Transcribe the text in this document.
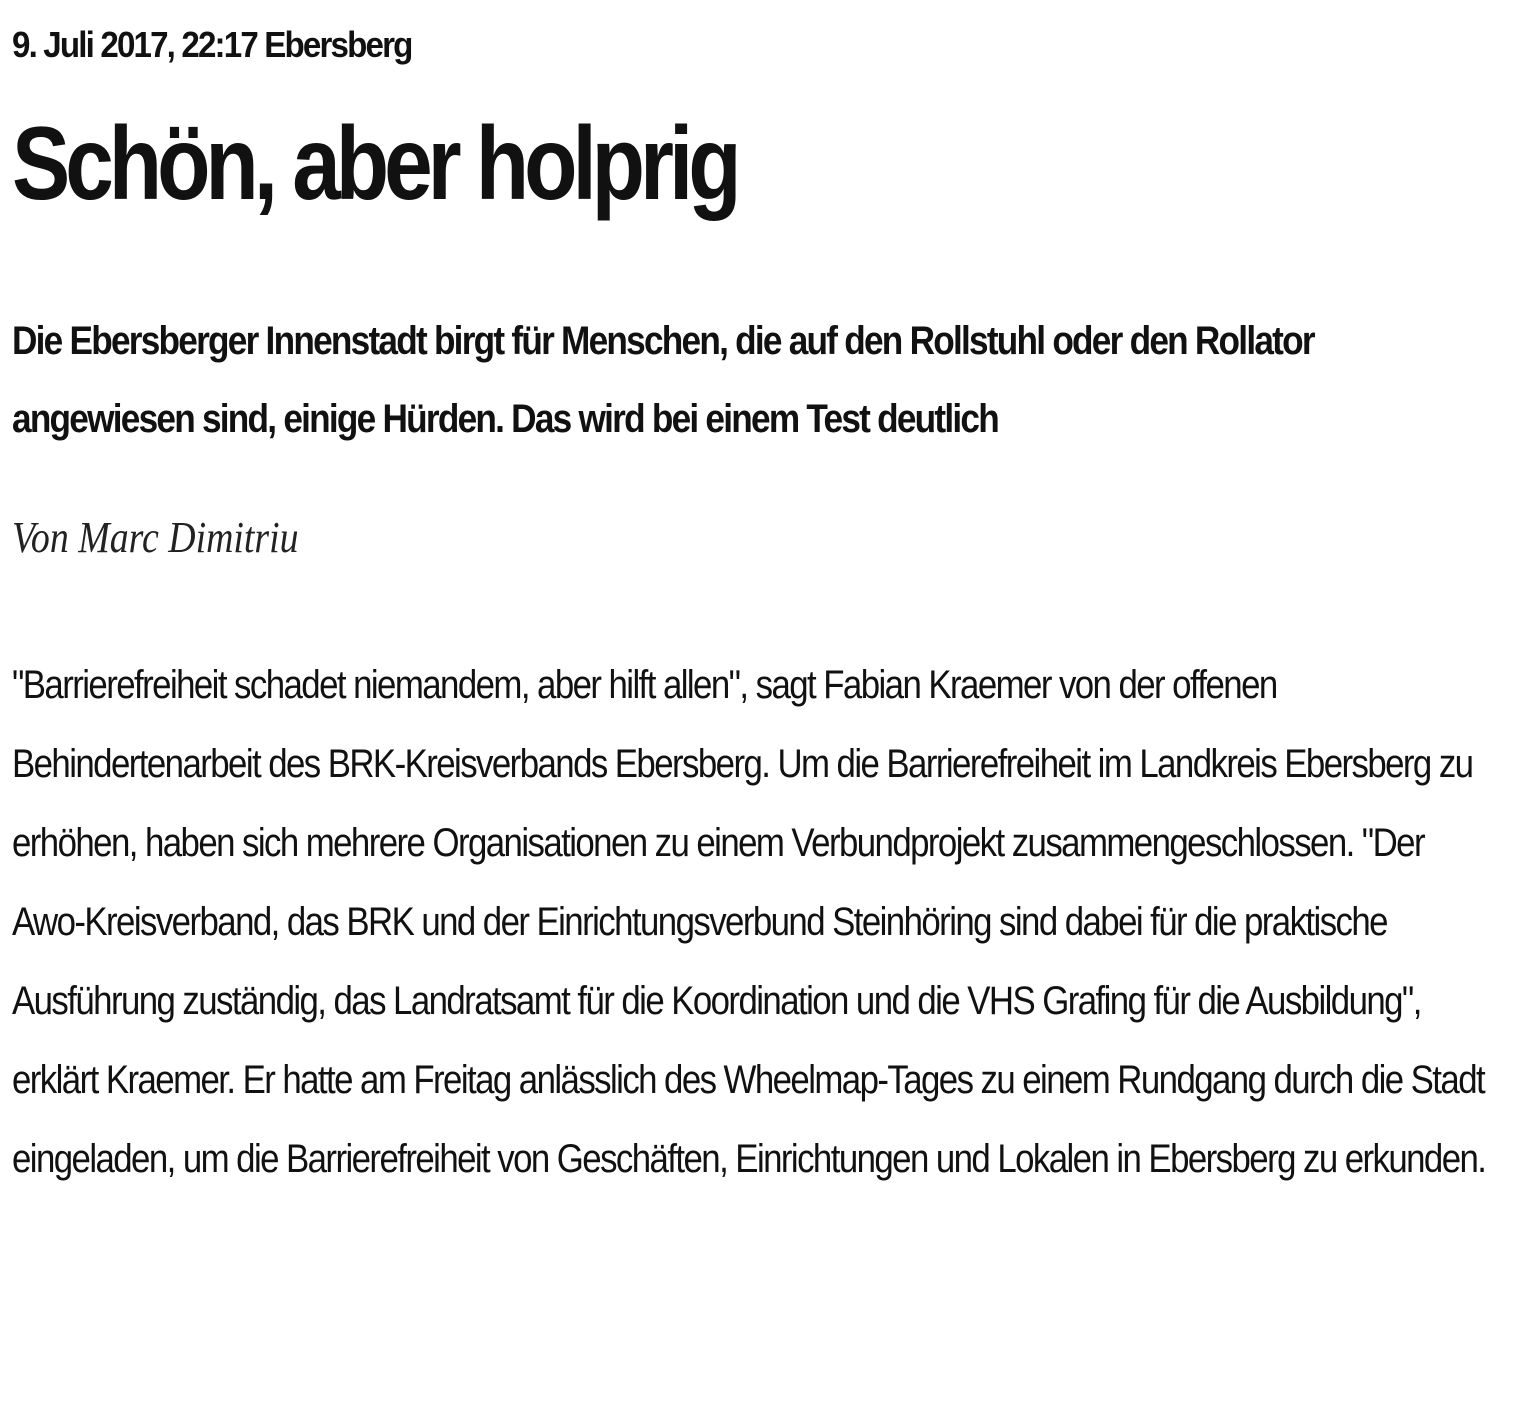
9. Juli 2017, 22:17 Ebersberg
Schön, aber holprig

Die Ebersberger Innenstadt birgt für Menschen, die auf den Rollstuhl oder den Rollator angewiesen sind, einige Hürden. Das wird bei einem Test deutlich

Von Marc Dimitriu

"Barrierefreiheit schadet niemandem, aber hilft allen", sagt Fabian Kraemer von der offenen Behindertenarbeit des BRK-Kreisverbands Ebersberg. Um die Barrierefreiheit im Landkreis Ebersberg zu erhöhen, haben sich mehrere Organisationen zu einem Verbundprojekt zusammengeschlossen. "Der Awo-Kreisverband, das BRK und der Einrichtungsverbund Steinhöring sind dabei für die praktische Ausführung zuständig, das Landratsamt für die Koordination und die VHS Grafing für die Ausbildung", erklärt Kraemer. Er hatte am Freitag anlässlich des Wheelmap-Tages zu einem Rundgang durch die Stadt eingeladen, um die Barrierefreiheit von Geschäften, Einrichtungen und Lokalen in Ebersberg zu erkunden.
